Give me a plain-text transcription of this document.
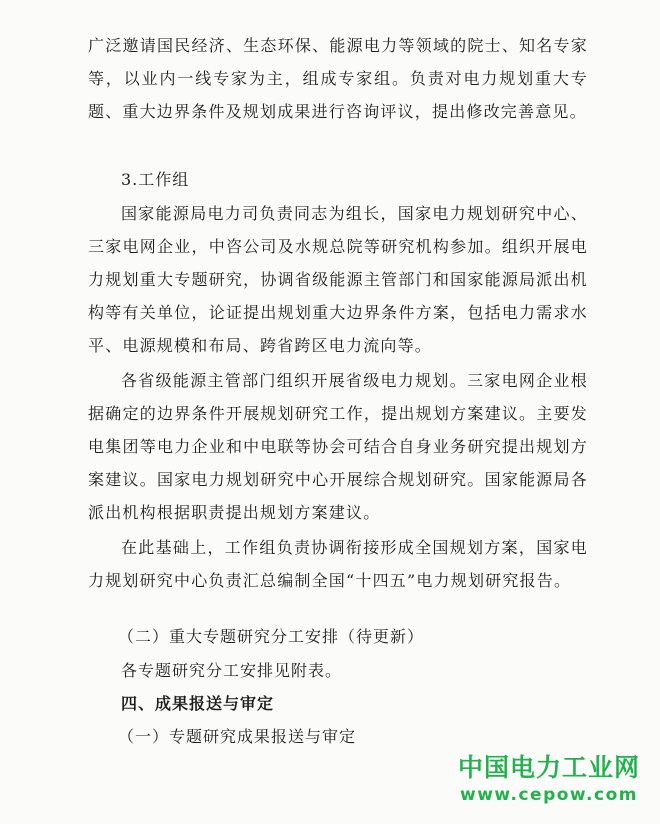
广泛邀请国民经济、生态环保、能源电力等领域的院士、知名专家等，以业内一线专家为主，组成专家组。负责对电力规划重大专题、重大边界条件及规划成果进行咨询评议，提出修改完善意见。

3.工作组

国家能源局电力司负责同志为组长，国家电力规划研究中心、三家电网企业，中咨公司及水规总院等研究机构参加。组织开展电力规划重大专题研究，协调省级能源主管部门和国家能源局派出机构等有关单位，论证提出规划重大边界条件方案，包括电力需求水平、电源规模和布局、跨省跨区电力流向等。

各省级能源主管部门组织开展省级电力规划。三家电网企业根据确定的边界条件开展规划研究工作，提出规划方案建议。主要发电集团等电力企业和中电联等协会可结合自身业务研究提出规划方案建议。国家电力规划研究中心开展综合规划研究。国家能源局各派出机构根据职责提出规划方案建议。

在此基础上，工作组负责协调衔接形成全国规划方案，国家电力规划研究中心负责汇总编制全国“十四五”电力规划研究报告。

（二）重大专题研究分工安排（待更新）

各专题研究分工安排见附表。

四、成果报送与审定

（一）专题研究成果报送与审定

中国电力工业网
www.cepow.com
